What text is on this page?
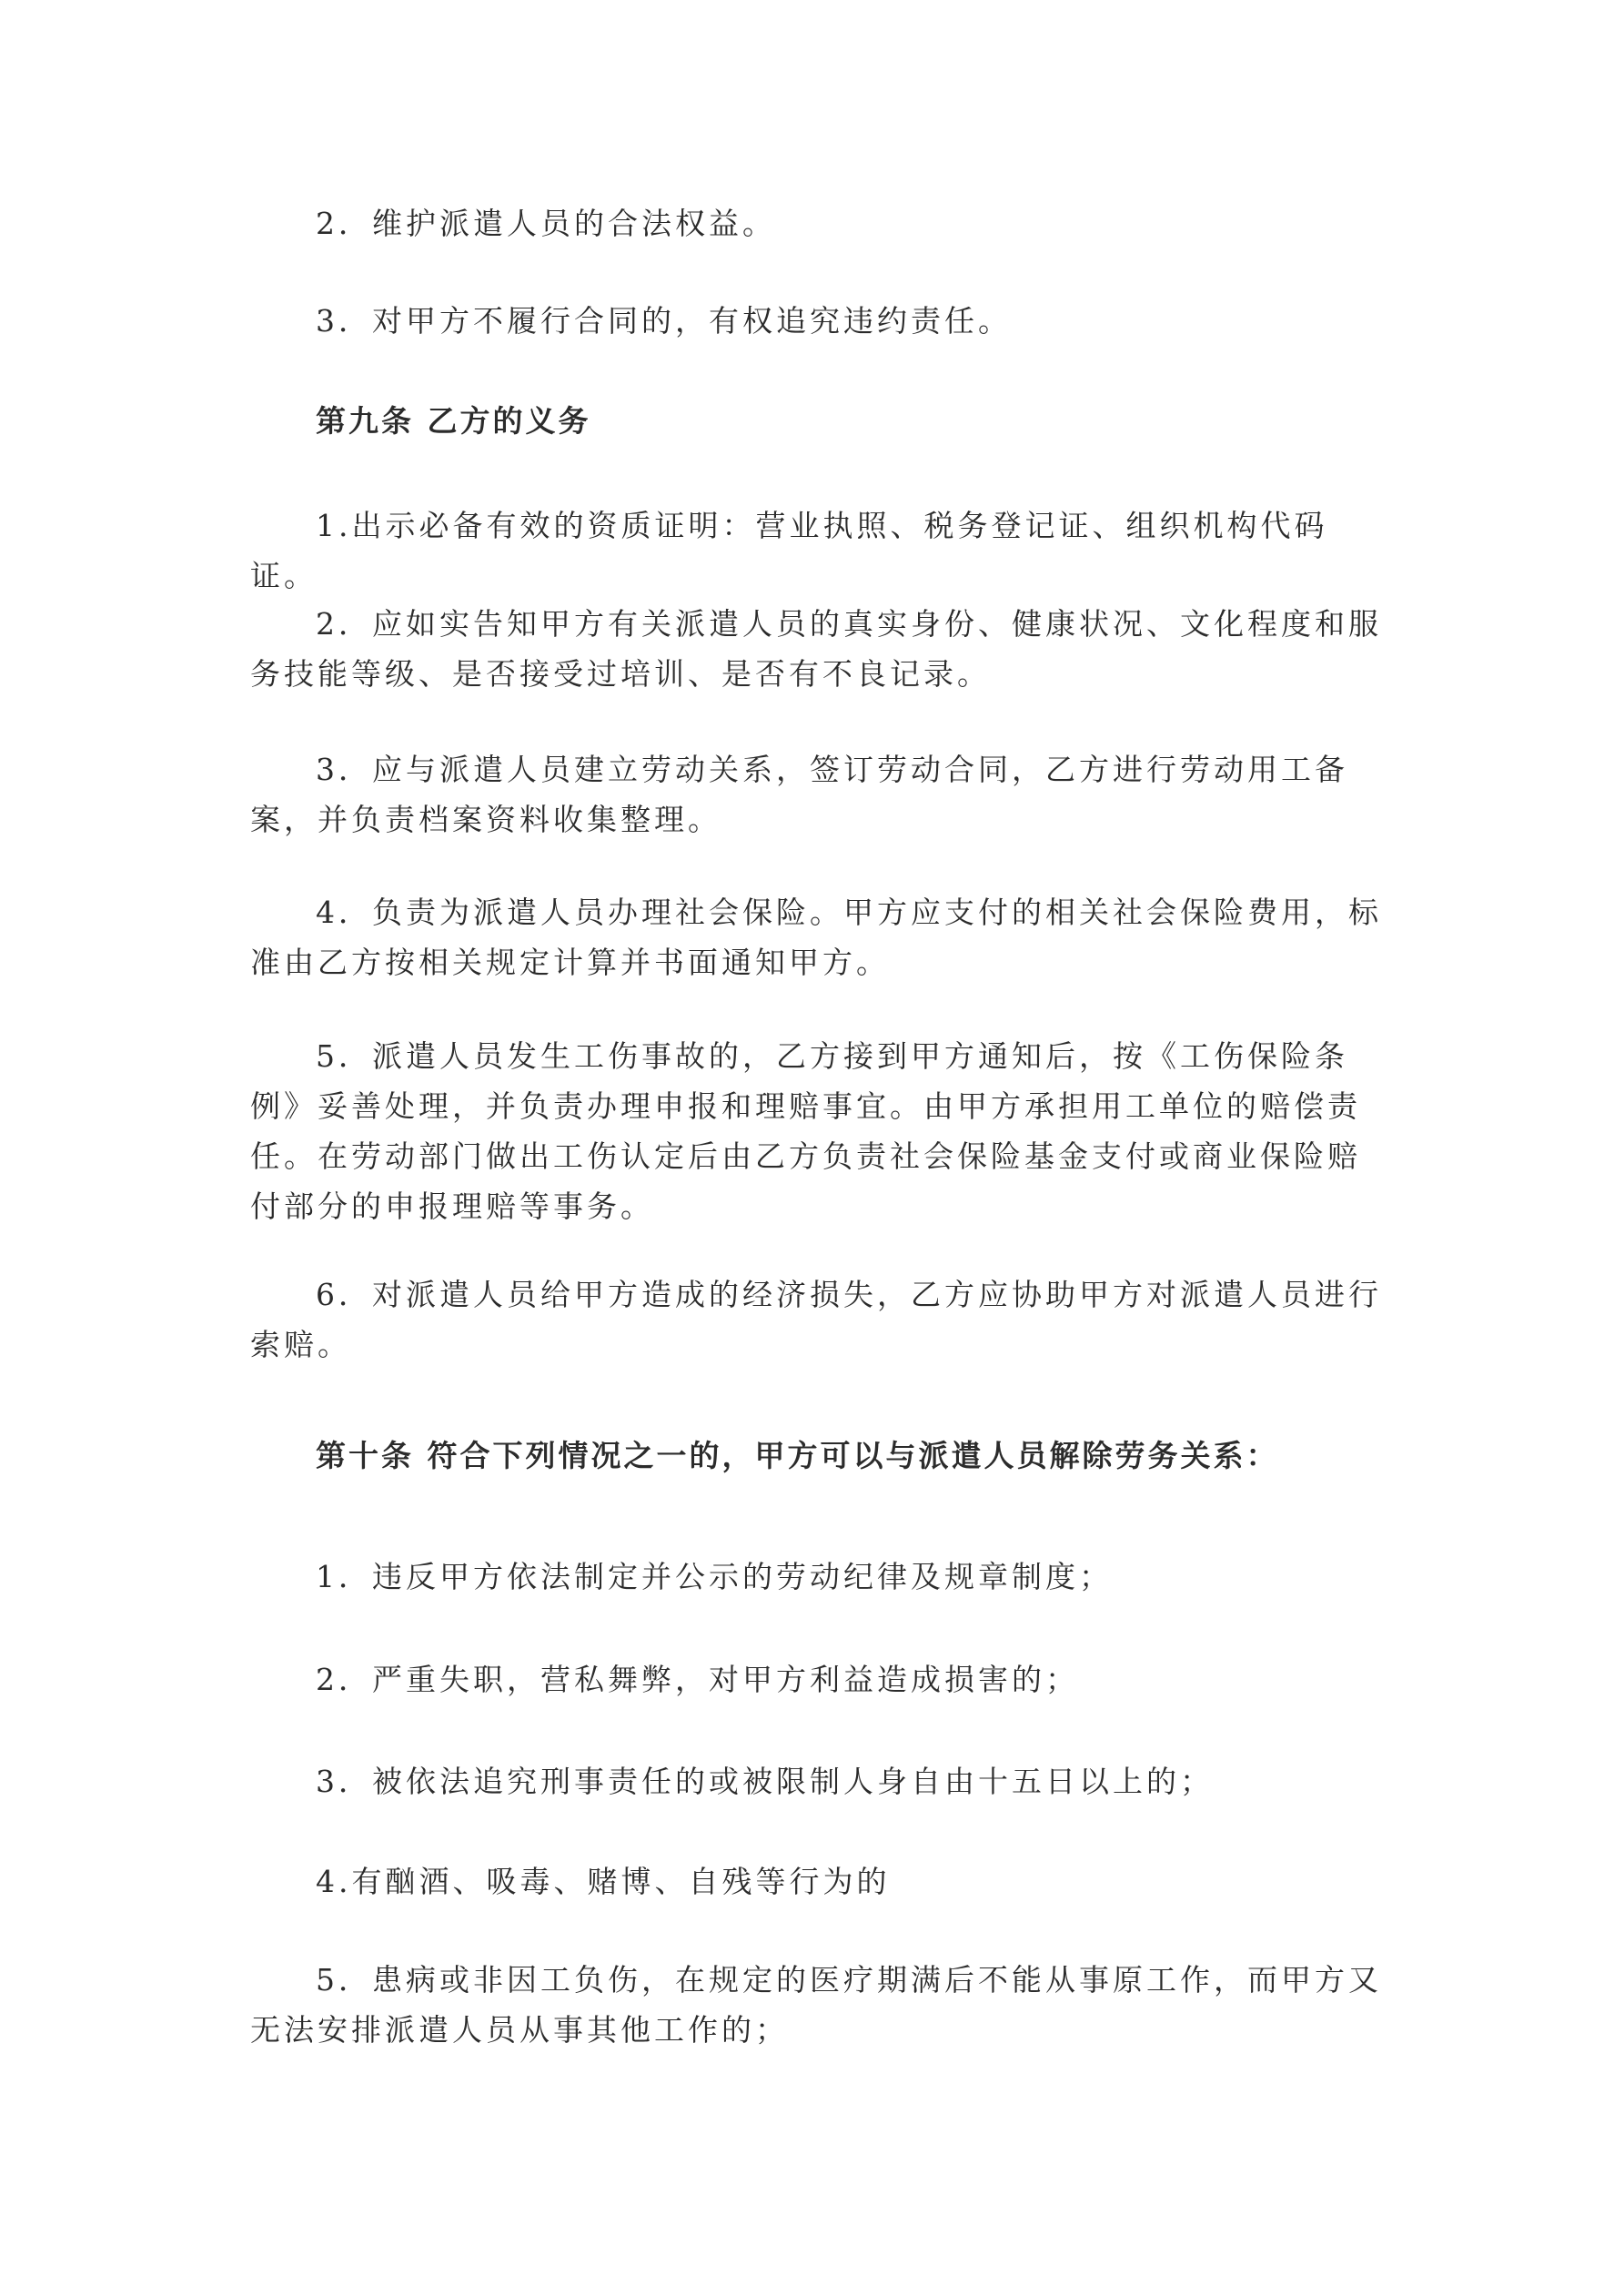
2．维护派遣人员的合法权益。

3．对甲方不履行合同的，有权追究违约责任。

第九条 乙方的义务

1.出示必备有效的资质证明：营业执照、税务登记证、组织机构代码证。

2．应如实告知甲方有关派遣人员的真实身份、健康状况、文化程度和服务技能等级、是否接受过培训、是否有不良记录。

3．应与派遣人员建立劳动关系，签订劳动合同，乙方进行劳动用工备案，并负责档案资料收集整理。

4．负责为派遣人员办理社会保险。甲方应支付的相关社会保险费用，标准由乙方按相关规定计算并书面通知甲方。

5．派遣人员发生工伤事故的，乙方接到甲方通知后，按《工伤保险条例》妥善处理，并负责办理申报和理赔事宜。由甲方承担用工单位的赔偿责任。在劳动部门做出工伤认定后由乙方负责社会保险基金支付或商业保险赔付部分的申报理赔等事务。

6．对派遣人员给甲方造成的经济损失，乙方应协助甲方对派遣人员进行索赔。

第十条 符合下列情况之一的，甲方可以与派遣人员解除劳务关系：

1．违反甲方依法制定并公示的劳动纪律及规章制度；

2．严重失职，营私舞弊，对甲方利益造成损害的；

3．被依法追究刑事责任的或被限制人身自由十五日以上的；

4.有酗酒、吸毒、赌博、自残等行为的

5．患病或非因工负伤，在规定的医疗期满后不能从事原工作，而甲方又无法安排派遣人员从事其他工作的；
